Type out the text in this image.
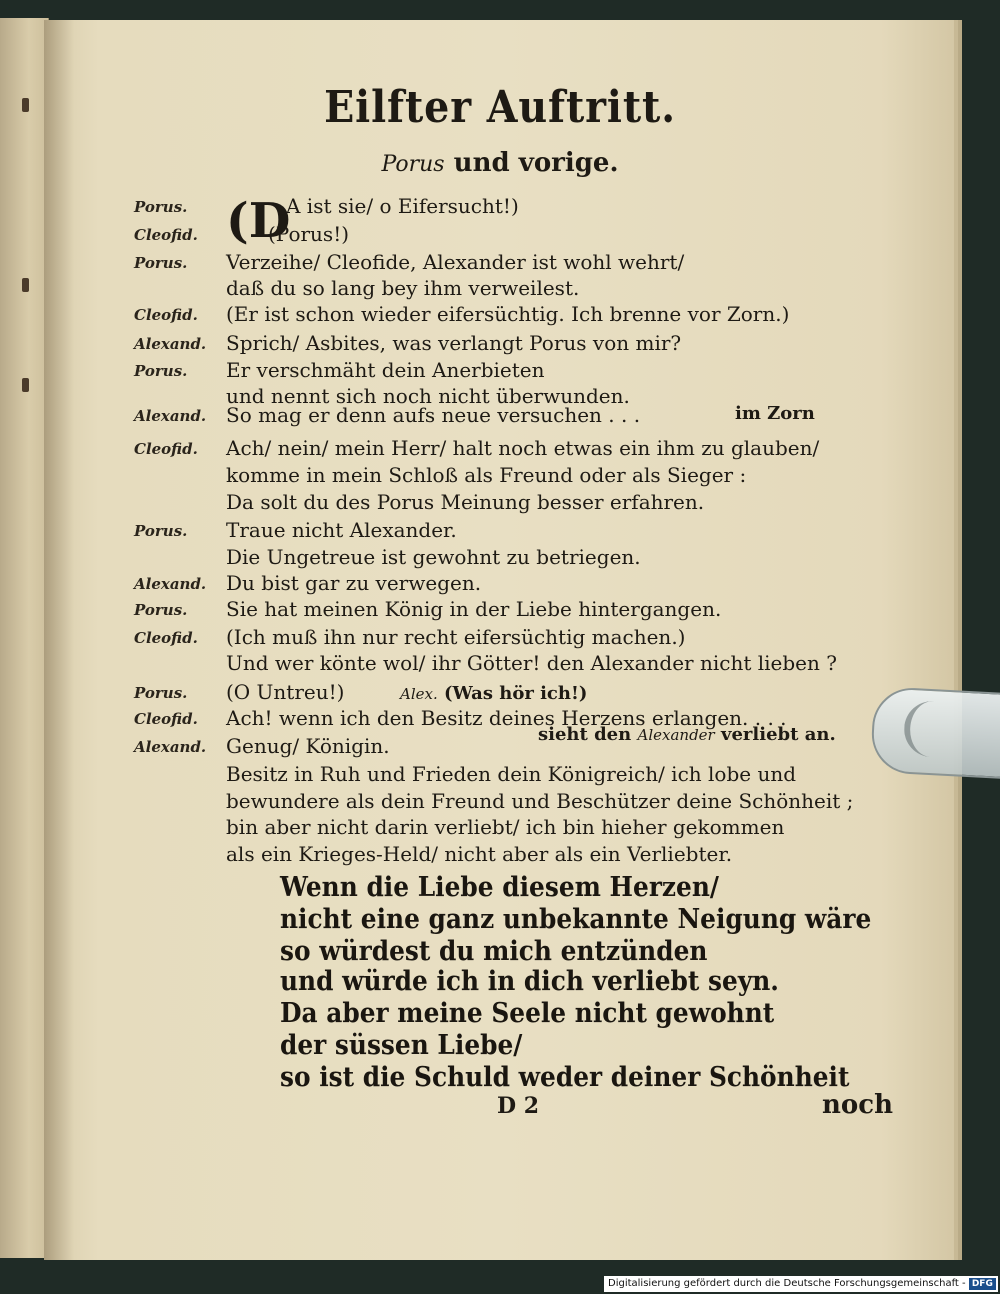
Eilfter Auftritt.
Porus und vorige.
(D
Porus.	A ist sie/ o Eifersucht!)
Cleofid.	(Porus!)
Porus. Verzeihe/ Cleofide, Alexander ist wohl wehrt/
daß du so lang bey ihm verweilest.
Cleofid. (Er ist schon wieder eifersüchtig. Ich brenne vor Zorn.)
Alexand. Sprich/ Asbites, was verlangt Porus von mir?
Porus. Er verschmäht dein Anerbieten
und nennt sich noch nicht überwunden.
Alexand. So mag er denn aufs neue versuchen . . .
Cleofid. Ach/ nein/ mein Herr/ halt noch etwas ein ihm zu glauben/
komme in mein Schloß als Freund oder als Sieger :
Da solt du des Porus Meinung besser erfahren.
Porus. Traue nicht Alexander.
Die Ungetreue ist gewohnt zu betriegen.
Alexand. Du bist gar zu verwegen.
Porus. Sie hat meinen König in der Liebe hintergangen.
Cleofid. (Ich muß ihn nur recht eifersüchtig machen.)
Und wer könte wol/ ihr Götter! den Alexander nicht lieben ?
Porus. (O Untreu!)
Cleofid. Ach! wenn ich den Besitz deines Herzens erlangen. . . .
Alexand. Genug/ Königin.
Besitz in Ruh und Frieden dein Königreich/ ich lobe und
bewundere als dein Freund und Beschützer deine Schönheit ;
bin aber nicht darin verliebt/ ich bin hieher gekommen
als ein Krieges-Held/ nicht aber als ein Verliebter.
im Zorn
Alex. (Was hör ich!)
sieht den Alexander verliebt an.
Wenn die Liebe diesem Herzen/
nicht eine ganz unbekannte Neigung wäre
so würdest du mich entzünden
und würde ich in dich verliebt seyn.
Da aber meine Seele nicht gewohnt
der süssen Liebe/
so ist die Schuld weder deiner Schönheit
D 2	noch
Digitalisierung gefördert durch die Deutsche Forschungsgemeinschaft - DFG
